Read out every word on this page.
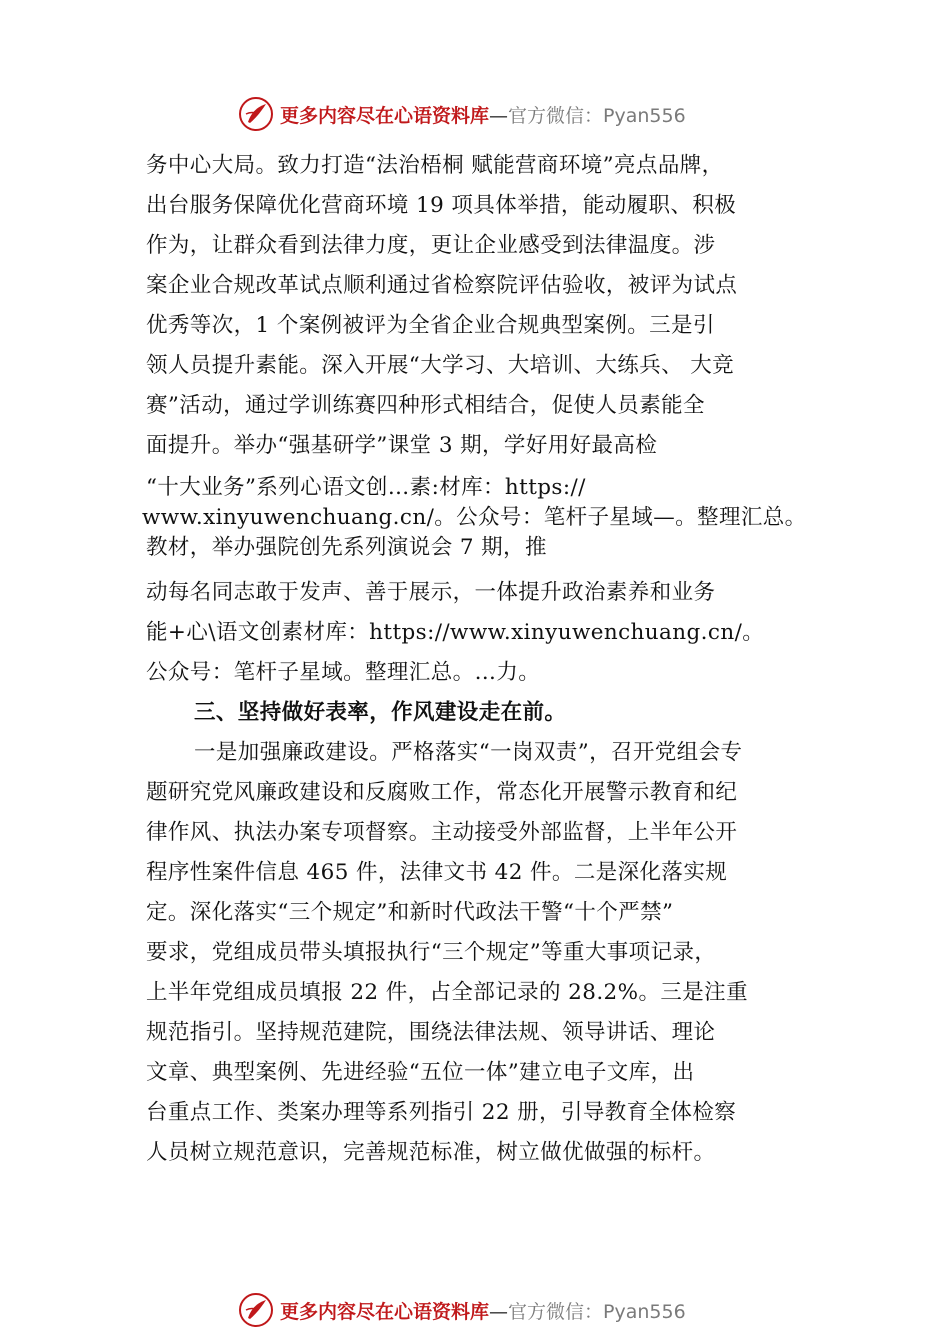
更多内容尽在心语资料库—官方微信：Pyan556
务中心大局。致力打造“法治梧桐 赋能营商环境”亮点品牌，
出台服务保障优化营商环境 19 项具体举措，能动履职、积极
作为，让群众看到法律力度，更让企业感受到法律温度。涉
案企业合规改革试点顺利通过省检察院评估验收，被评为试点
优秀等次，1 个案例被评为全省企业合规典型案例。三是引
领人员提升素能。深入开展“大学习、大培训、大练兵、 大竞
赛”活动，通过学训练赛四种形式相结合，促使人员素能全
面提升。举办“强基研学”课堂 3 期，学好用好最高检
“十大业务”系列心语文创…素:材库：https://
www.xinyuwenchuang.cn/。公众号：笔杆子星域—。整理汇总。
教材，举办强院创先系列演说会 7 期，推
动每名同志敢于发声、善于展示，一体提升政治素养和业务
能+心\语文创素材库：https://www.xinyuwenchuang.cn/。
公众号：笔杆子星域。整理汇总。…力。
三、坚持做好表率，作风建设走在前。
一是加强廉政建设。严格落实“一岗双责”，召开党组会专
题研究党风廉政建设和反腐败工作，常态化开展警示教育和纪
律作风、执法办案专项督察。主动接受外部监督，上半年公开
程序性案件信息 465 件，法律文书 42 件。二是深化落实规
定。深化落实“三个规定”和新时代政法干警“十个严禁”
要求，党组成员带头填报执行“三个规定”等重大事项记录，
上半年党组成员填报 22 件，占全部记录的 28.2%。三是注重
规范指引。坚持规范建院，围绕法律法规、领导讲话、理论
文章、典型案例、先进经验“五位一体”建立电子文库，出
台重点工作、类案办理等系列指引 22 册，引导教育全体检察
人员树立规范意识，完善规范标准，树立做优做强的标杆。
更多内容尽在心语资料库—官方微信：Pyan556
